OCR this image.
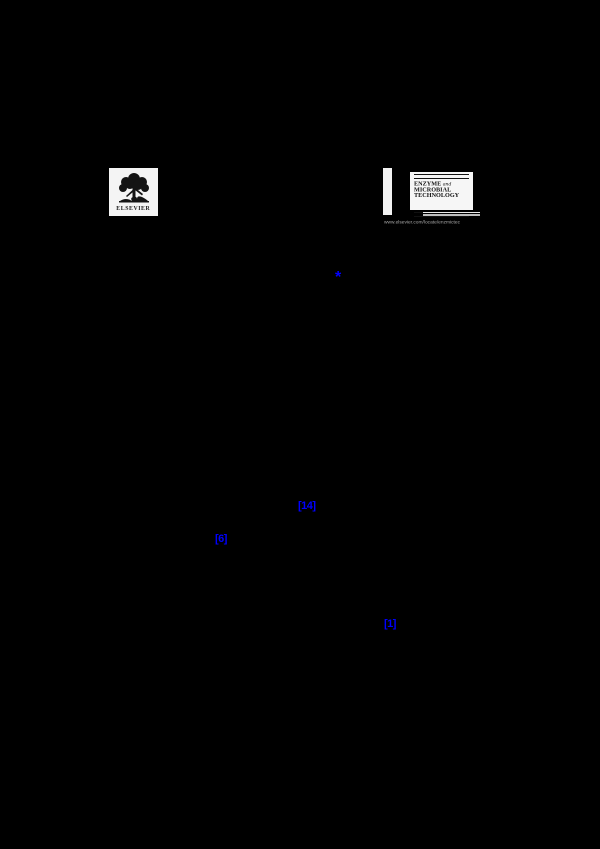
ELSEVIER
ENZYME and
MICROBIAL
TECHNOLOGY
www.elsevier.com/locate/enzmictec
*
[14]
[6]
[1]
